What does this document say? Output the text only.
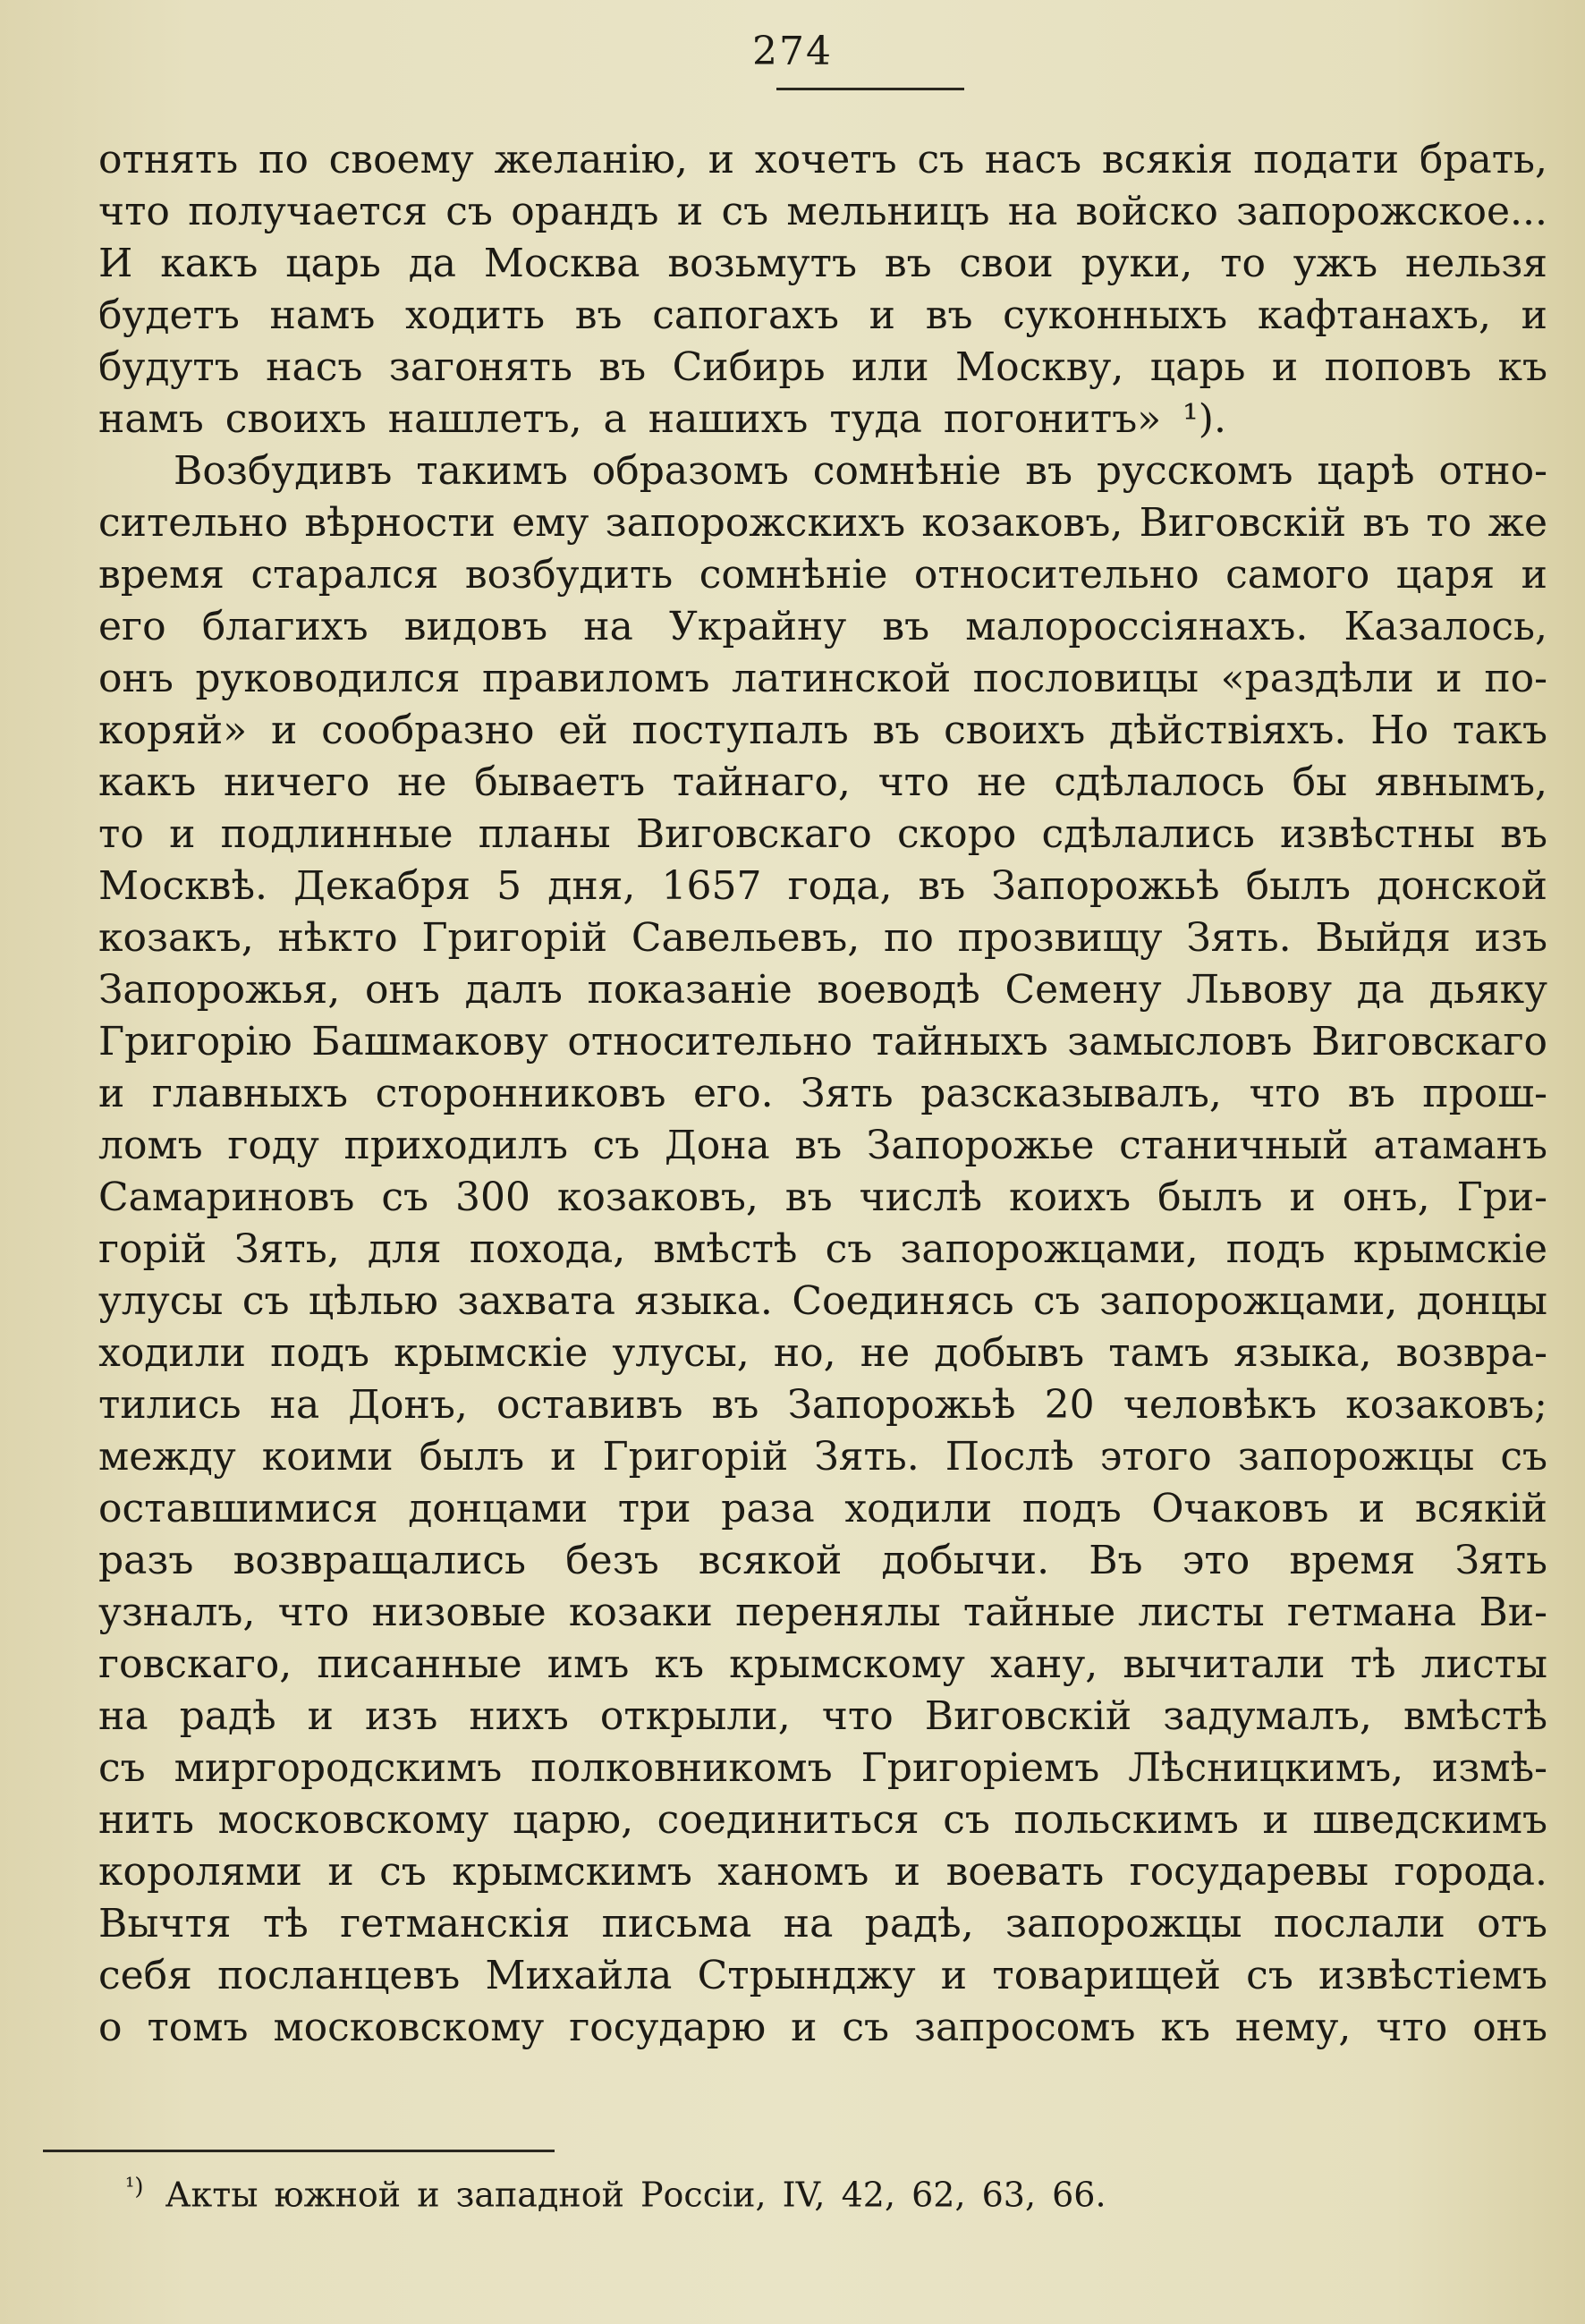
274
отнять по своему желанію, и хочетъ съ насъ всякія подати брать,
что получается съ орандъ и съ мельницъ на войско запорожское...
И какъ царь да Москва возьмутъ въ свои руки, то ужъ нельзя
будетъ намъ ходить въ сапогахъ и въ суконныхъ кафтанахъ, и
будутъ насъ загонять въ Сибирь или Москву, царь и поповъ къ
намъ своихъ нашлетъ, а нашихъ туда погонитъ» ¹).
Возбудивъ такимъ образомъ сомнѣніе въ русскомъ царѣ отно-
сительно вѣрности ему запорожскихъ козаковъ, Виговскій въ то же
время старался возбудить сомнѣніе относительно самого царя и
его благихъ видовъ на Украйну въ малороссіянахъ. Казалось,
онъ руководился правиломъ латинской пословицы «раздѣли и по-
коряй» и сообразно ей поступалъ въ своихъ дѣйствіяхъ. Но такъ
какъ ничего не бываетъ тайнаго, что не сдѣлалось бы явнымъ,
то и подлинные планы Виговскаго скоро сдѣлались извѣстны въ
Москвѣ. Декабря 5 дня, 1657 года, въ Запорожьѣ былъ донской
козакъ, нѣкто Григорій Савельевъ, по прозвищу Зять. Выйдя изъ
Запорожья, онъ далъ показаніе воеводѣ Семену Львову да дьяку
Григорію Башмакову относительно тайныхъ замысловъ Виговскаго
и главныхъ сторонниковъ его. Зять разсказывалъ, что въ прош-
ломъ году приходилъ съ Дона въ Запорожье станичный атаманъ
Самариновъ съ 300 козаковъ, въ числѣ коихъ былъ и онъ, Гри-
горій Зять, для похода, вмѣстѣ съ запорожцами, подъ крымскіе
улусы съ цѣлью захвата языка. Соединясь съ запорожцами, донцы
ходили подъ крымскіе улусы, но, не добывъ тамъ языка, возвра-
тились на Донъ, оставивъ въ Запорожьѣ 20 человѣкъ козаковъ;
между коими былъ и Григорій Зять. Послѣ этого запорожцы съ
оставшимися донцами три раза ходили подъ Очаковъ и всякій
разъ возвращались безъ всякой добычи. Въ это время Зять
узналъ, что низовые козаки перенялы тайные листы гетмана Ви-
говскаго, писанные имъ къ крымскому хану, вычитали тѣ листы
на радѣ и изъ нихъ открыли, что Виговскій задумалъ, вмѣстѣ
съ миргородскимъ полковникомъ Григоріемъ Лѣсницкимъ, измѣ-
нить московскому царю, соединиться съ польскимъ и шведскимъ
королями и съ крымскимъ ханомъ и воевать государевы города.
Вычтя тѣ гетманскія письма на радѣ, запорожцы послали отъ
себя посланцевъ Михайла Стрынджу и товарищей съ извѣстіемъ
о томъ московскому государю и съ запросомъ къ нему, что онъ
$^{^1)}$ Акты южной и западной Россіи, IV, 42, 62, 63, 66.
